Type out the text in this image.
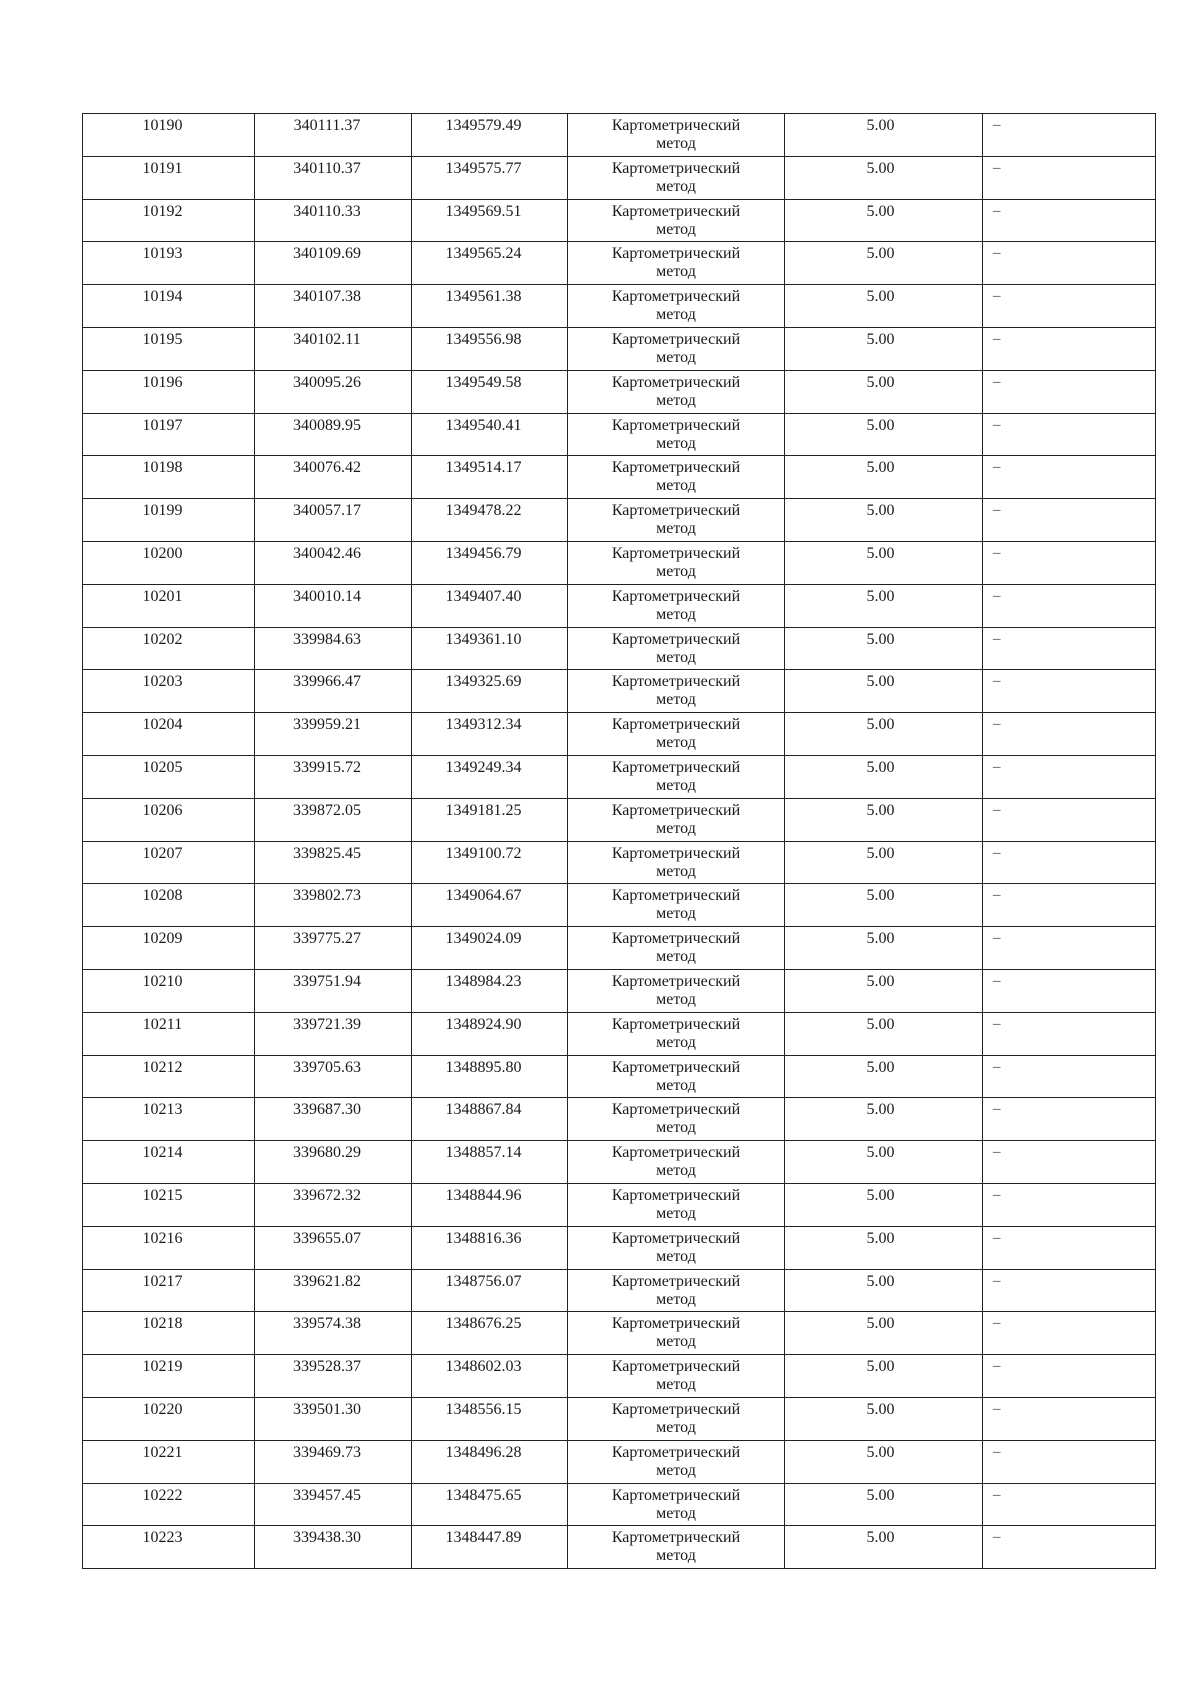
10190	340111.37	1349579.49	Картометрический
метод	5.00	–

10191	340110.37	1349575.77	Картометрический
метод	5.00	–

10192	340110.33	1349569.51	Картометрический
метод	5.00	–

10193	340109.69	1349565.24	Картометрический
метод	5.00	–

10194	340107.38	1349561.38	Картометрический
метод	5.00	–

10195	340102.11	1349556.98	Картометрический
метод	5.00	–

10196	340095.26	1349549.58	Картометрический
метод	5.00	–

10197	340089.95	1349540.41	Картометрический
метод	5.00	–

10198	340076.42	1349514.17	Картометрический
метод	5.00	–

10199	340057.17	1349478.22	Картометрический
метод	5.00	–

10200	340042.46	1349456.79	Картометрический
метод	5.00	–

10201	340010.14	1349407.40	Картометрический
метод	5.00	–

10202	339984.63	1349361.10	Картометрический
метод	5.00	–

10203	339966.47	1349325.69	Картометрический
метод	5.00	–

10204	339959.21	1349312.34	Картометрический
метод	5.00	–

10205	339915.72	1349249.34	Картометрический
метод	5.00	–

10206	339872.05	1349181.25	Картометрический
метод	5.00	–

10207	339825.45	1349100.72	Картометрический
метод	5.00	–

10208	339802.73	1349064.67	Картометрический
метод	5.00	–

10209	339775.27	1349024.09	Картометрический
метод	5.00	–

10210	339751.94	1348984.23	Картометрический
метод	5.00	–

10211	339721.39	1348924.90	Картометрический
метод	5.00	–

10212	339705.63	1348895.80	Картометрический
метод	5.00	–

10213	339687.30	1348867.84	Картометрический
метод	5.00	–

10214	339680.29	1348857.14	Картометрический
метод	5.00	–

10215	339672.32	1348844.96	Картометрический
метод	5.00	–

10216	339655.07	1348816.36	Картометрический
метод	5.00	–

10217	339621.82	1348756.07	Картометрический
метод	5.00	–

10218	339574.38	1348676.25	Картометрический
метод	5.00	–

10219	339528.37	1348602.03	Картометрический
метод	5.00	–

10220	339501.30	1348556.15	Картометрический
метод	5.00	–

10221	339469.73	1348496.28	Картометрический
метод	5.00	–

10222	339457.45	1348475.65	Картометрический
метод	5.00	–

10223	339438.30	1348447.89	Картометрический
метод	5.00	–
